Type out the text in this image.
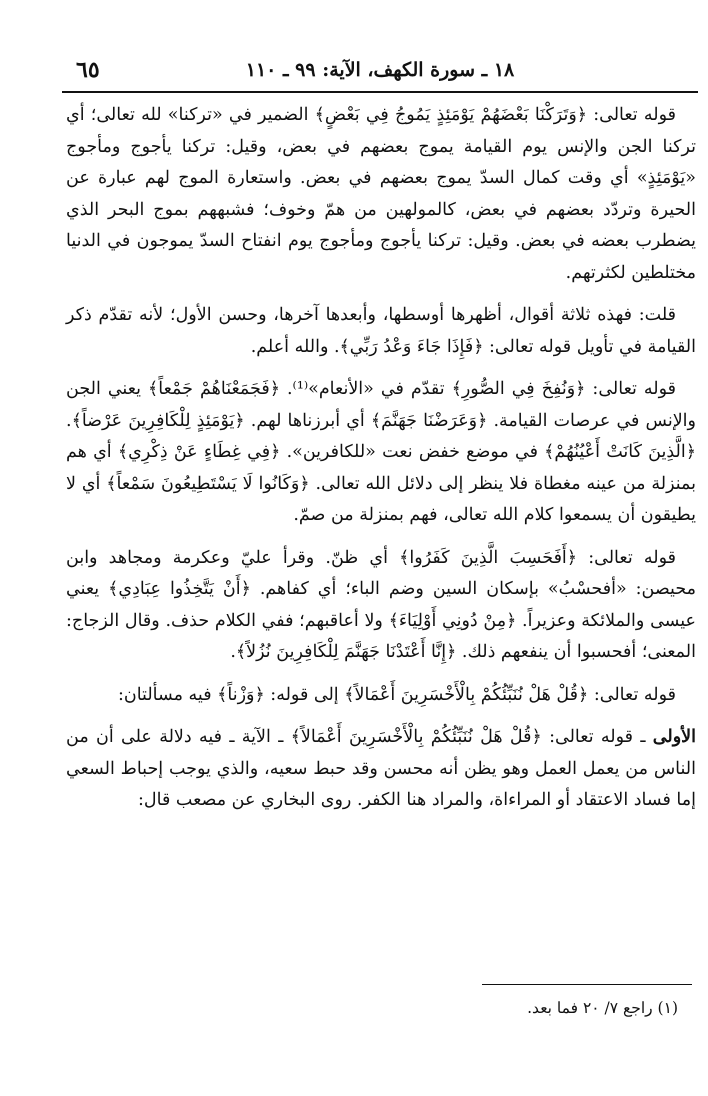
١٨ ـ سورة الكهف، الآية: ٩٩ ـ ١١٠
٦٥

قوله تعالى: ﴿وَتَرَكْنَا بَعْضَهُمْ يَوْمَئِذٍ يَمُوجُ فِي بَعْضٍ﴾ الضمير في «تركنا» لله تعالى؛ أي تركنا الجن والإنس يوم القيامة يموج بعضهم في بعض، وقيل: تركنا يأجوج ومأجوج «يَوْمَئِذٍ» أي وقت كمال السدّ يموج بعضهم في بعض. واستعارة الموج لهم عبارة عن الحيرة وتردّد بعضهم في بعض، كالمولهين من همّ وخوف؛ فشبههم بموج البحر الذي يضطرب بعضه في بعض. وقيل: تركنا يأجوج ومأجوج يوم انفتاح السدّ يموجون في الدنيا مختلطين لكثرتهم.

قلت: فهذه ثلاثة أقوال، أظهرها أوسطها، وأبعدها آخرها، وحسن الأول؛ لأنه تقدّم ذكر القيامة في تأويل قوله تعالى: ﴿فَإِذَا جَاءَ وَعْدُ رَبِّي﴾. والله أعلم.

قوله تعالى: ﴿وَنُفِخَ فِي الصُّورِ﴾ تقدّم في «الأنعام»⁽¹⁾. ﴿فَجَمَعْنَاهُمْ جَمْعاً﴾ يعني الجن والإنس في عرصات القيامة. ﴿وَعَرَضْنَا جَهَنَّمَ﴾ أي أبرزناها لهم. ﴿يَوْمَئِذٍ لِلْكَافِرِينَ عَرْضاً﴾. ﴿الَّذِينَ كَانَتْ أَعْيُنُهُمْ﴾ في موضع خفض نعت «للكافرين». ﴿فِي غِطَاءٍ عَنْ ذِكْرِي﴾ أي هم بمنزلة من عينه مغطاة فلا ينظر إلى دلائل الله تعالى. ﴿وَكَانُوا لَا يَسْتَطِيعُونَ سَمْعاً﴾ أي لا يطيقون أن يسمعوا كلام الله تعالى، فهم بمنزلة من صمّ.

قوله تعالى: ﴿أَفَحَسِبَ الَّذِينَ كَفَرُوا﴾ أي ظنّ. وقرأ عليّ وعكرمة ومجاهد وابن محيصن: «أفحسْبُ» بإسكان السين وضم الباء؛ أي كفاهم. ﴿أَنْ يَتَّخِذُوا عِبَادِي﴾ يعني عيسى والملائكة وعزيراً. ﴿مِنْ دُونِي أَوْلِيَاءَ﴾ ولا أعاقبهم؛ ففي الكلام حذف. وقال الزجاج: المعنى؛ أفحسبوا أن ينفعهم ذلك. ﴿إِنَّا أَعْتَدْنَا جَهَنَّمَ لِلْكَافِرِينَ نُزُلاً﴾.

قوله تعالى: ﴿قُلْ هَلْ نُنَبِّئُكُمْ بِالْأَخْسَرِينَ أَعْمَالاً﴾ إلى قوله: ﴿وَزْناً﴾ فيه مسألتان:

الأولى ـ قوله تعالى: ﴿قُلْ هَلْ نُنَبِّئُكُمْ بِالْأَخْسَرِينَ أَعْمَالاً﴾ ـ الآية ـ فيه دلالة على أن من الناس من يعمل العمل وهو يظن أنه محسن وقد حبط سعيه، والذي يوجب إحباط السعي إما فساد الاعتقاد أو المراءاة، والمراد هنا الكفر. روى البخاري عن مصعب قال:

(١) راجع ٧/ ٢٠ فما بعد.
